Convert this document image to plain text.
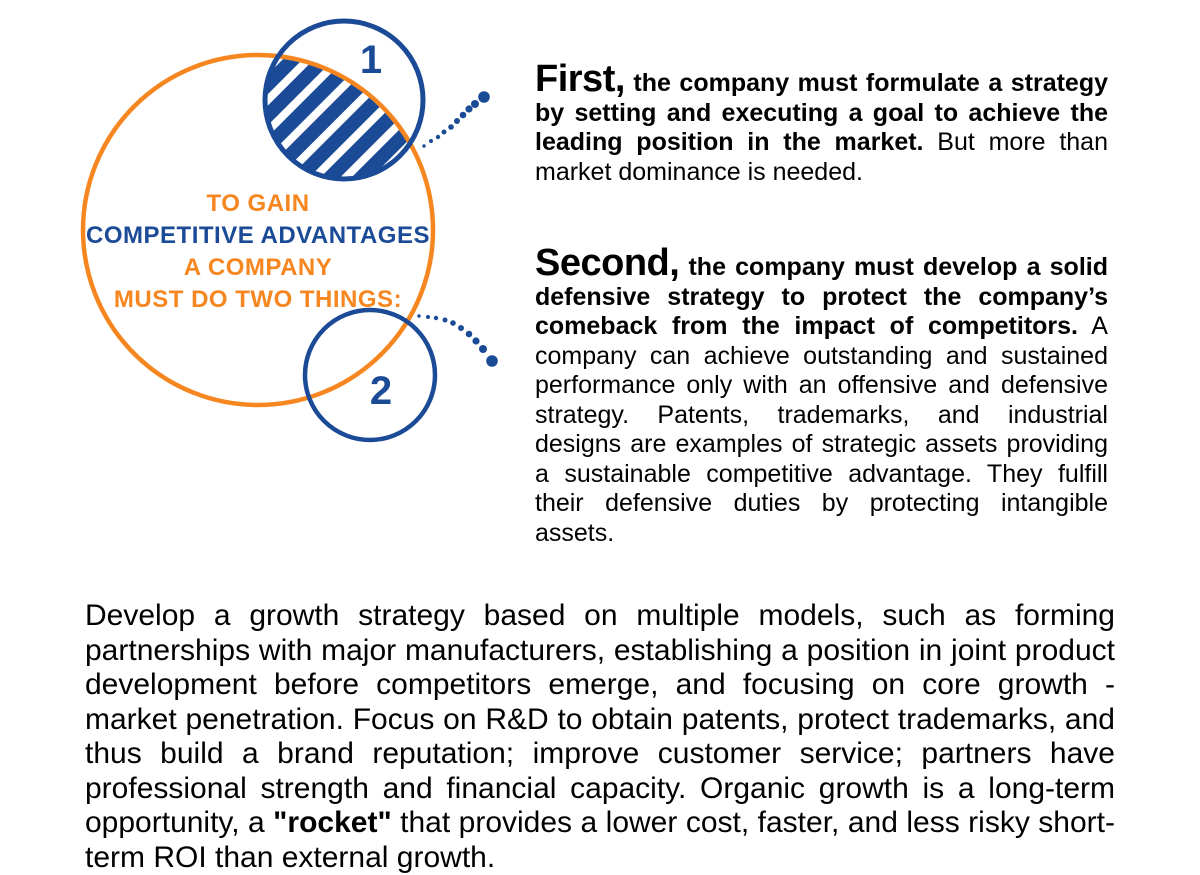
1
2
TO GAIN
COMPETITIVE ADVANTAGES
A COMPANY
MUST DO TWO THINGS:

First, the company must formulate a strategy by setting and executing a goal to achieve the leading position in the market. But more than market dominance is needed.

Second, the company must develop a solid defensive strategy to protect the company’s comeback from the impact of competitors. A company can achieve outstanding and sustained performance only with an offensive and defensive strategy. Patents, trademarks, and industrial designs are examples of strategic assets providing a sustainable competitive advantage. They fulfill their defensive duties by protecting intangible assets.

Develop a growth strategy based on multiple models, such as forming partnerships with major manufacturers, establishing a position in joint product development before competitors emerge, and focusing on core growth - market penetration. Focus on R&D to obtain patents, protect trademarks, and thus build a brand reputation; improve customer service; partners have professional strength and financial capacity. Organic growth is a long-term opportunity, a "rocket" that provides a lower cost, faster, and less risky short-term ROI than external growth.
